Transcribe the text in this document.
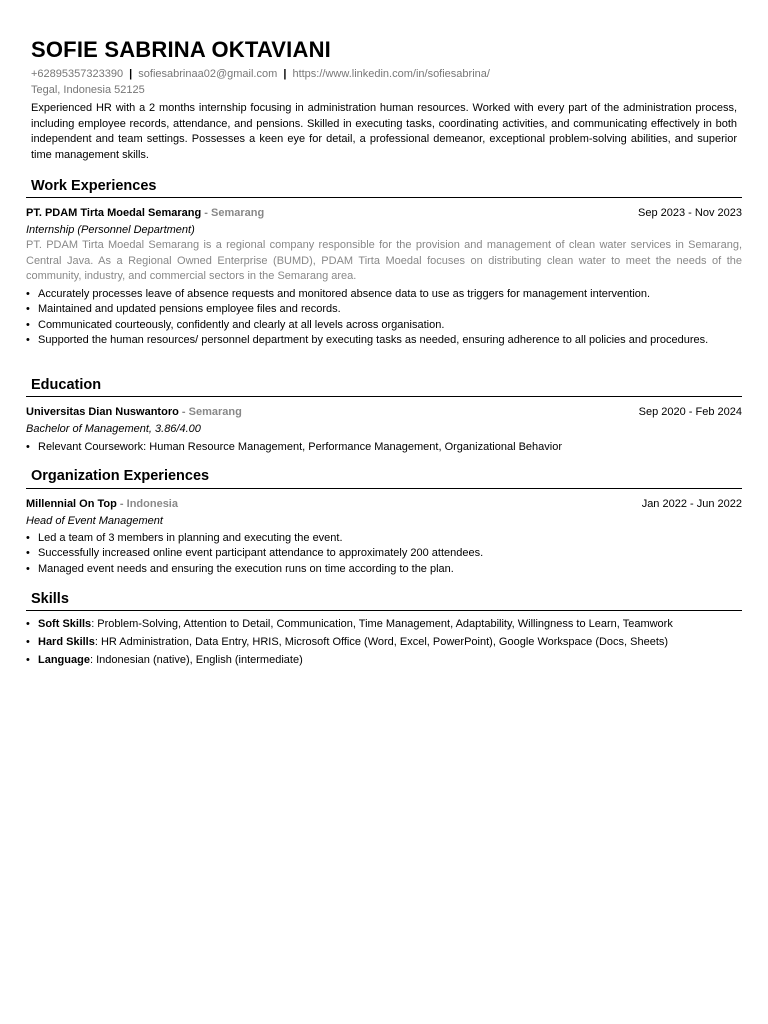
SOFIE SABRINA OKTAVIANI
+62895357323390 | sofiesabrinaa02@gmail.com | https://www.linkedin.com/in/sofiesabrina/
Tegal, Indonesia 52125

Experienced HR with a 2 months internship focusing in administration human resources. Worked with every part of the administration process, including employee records, attendance, and pensions. Skilled in executing tasks, coordinating activities, and communicating effectively in both independent and team settings. Possesses a keen eye for detail, a professional demeanor, exceptional problem-solving abilities, and superior time management skills.

Work Experiences
PT. PDAM Tirta Moedal Semarang - Semarang	Sep 2023 - Nov 2023
Internship (Personnel Department)

PT. PDAM Tirta Moedal Semarang is a regional company responsible for the provision and management of clean water services in Semarang, Central Java. As a Regional Owned Enterprise (BUMD), PDAM Tirta Moedal focuses on distributing clean water to meet the needs of the community, industry, and commercial sectors in the Semarang area.

• Accurately processes leave of absence requests and monitored absence data to use as triggers for management intervention.
• Maintained and updated pensions employee files and records.
• Communicated courteously, confidently and clearly at all levels across organisation.
• Supported the human resources/ personnel department by executing tasks as needed, ensuring adherence to all policies and procedures.
Education
Universitas Dian Nuswantoro - Semarang	Sep 2020 - Feb 2024
Bachelor of Management, 3.86/4.00
• Relevant Coursework: Human Resource Management, Performance Management, Organizational Behavior
Organization Experiences
Millennial On Top - Indonesia	Jan 2022 - Jun 2022
Head of Event Management
• Led a team of 3 members in planning and executing the event.
• Successfully increased online event participant attendance to approximately 200 attendees.
• Managed event needs and ensuring the execution runs on time according to the plan.
Skills
• Soft Skills: Problem-Solving, Attention to Detail, Communication, Time Management, Adaptability, Willingness to Learn, Teamwork
• Hard Skills: HR Administration, Data Entry, HRIS, Microsoft Office (Word, Excel, PowerPoint), Google Workspace (Docs, Sheets)
• Language: Indonesian (native), English (intermediate)
